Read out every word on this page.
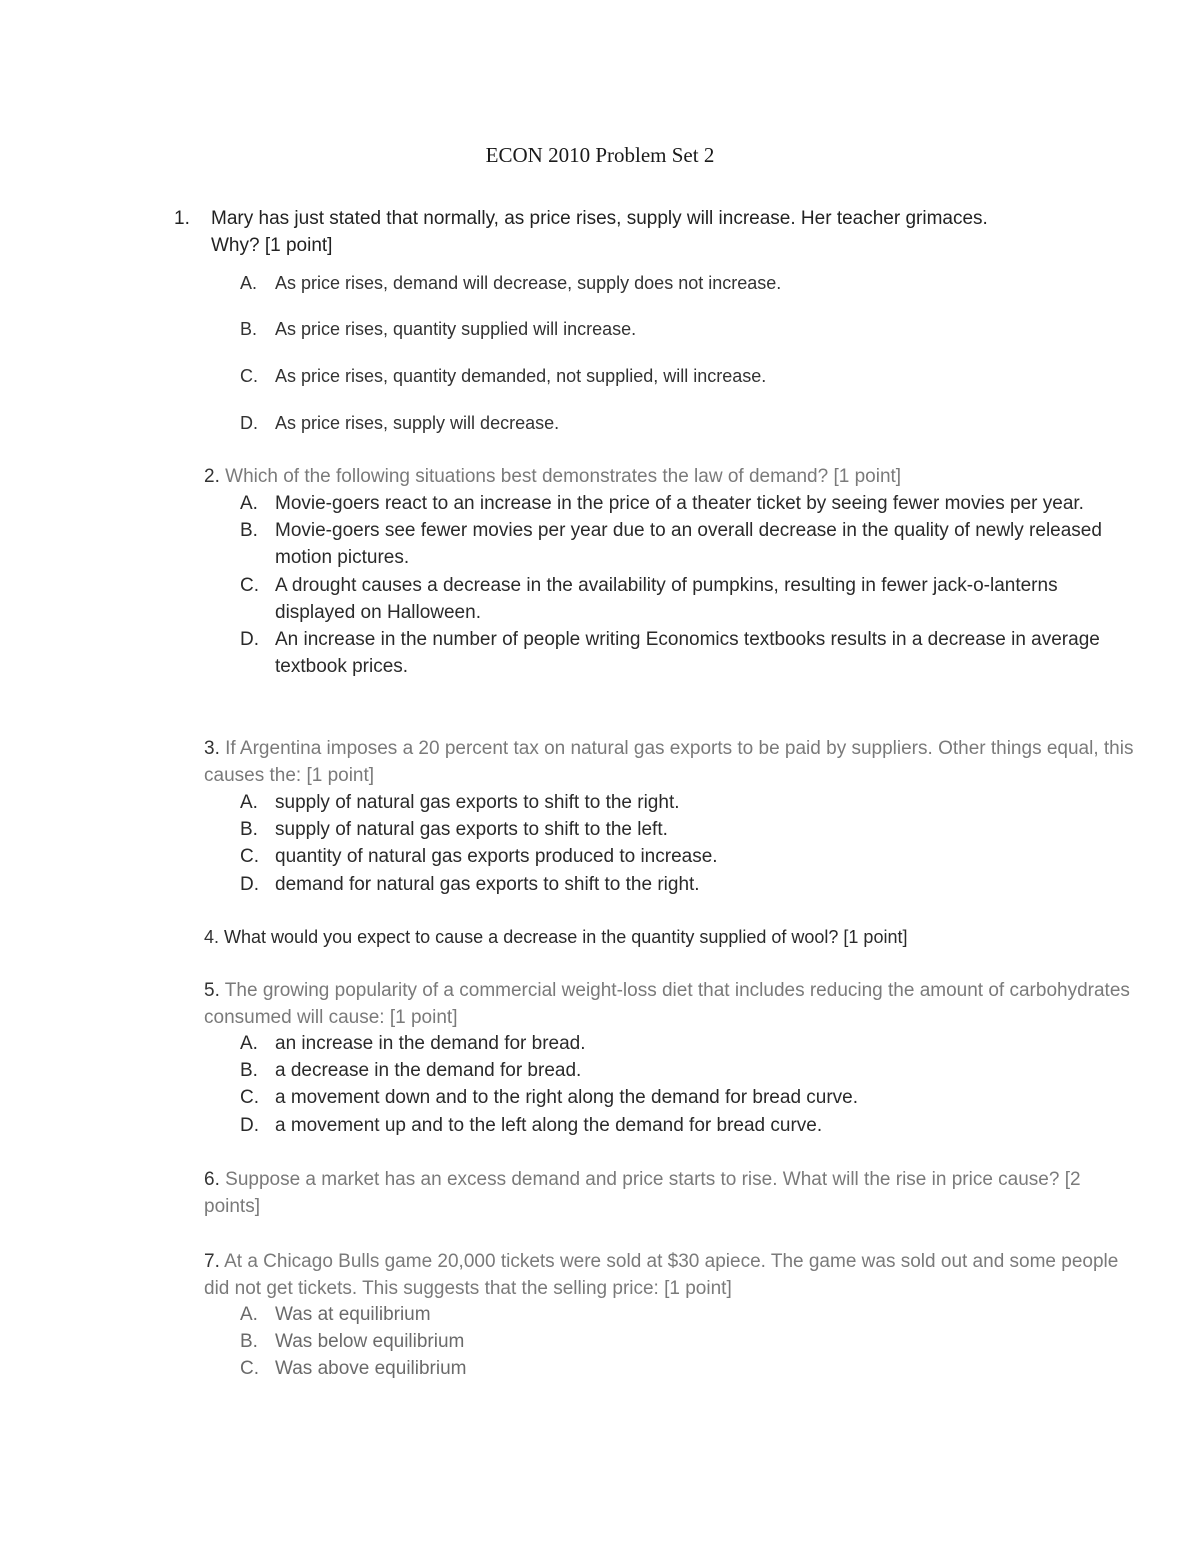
ECON 2010 Problem Set 2
1. Mary has just stated that normally, as price rises, supply will increase. Her teacher grimaces.
Why? [1 point]
A. As price rises, demand will decrease, supply does not increase.
B. As price rises, quantity supplied will increase.
C. As price rises, quantity demanded, not supplied, will increase.
D. As price rises, supply will decrease.
2. Which of the following situations best demonstrates the law of demand? [1 point]
A. Movie-goers react to an increase in the price of a theater ticket by seeing fewer movies per year.
B. Movie-goers see fewer movies per year due to an overall decrease in the quality of newly released motion pictures.
C. A drought causes a decrease in the availability of pumpkins, resulting in fewer jack-o-lanterns displayed on Halloween.
D. An increase in the number of people writing Economics textbooks results in a decrease in average textbook prices.
3. If Argentina imposes a 20 percent tax on natural gas exports to be paid by suppliers. Other things equal, this causes the: [1 point]
A. supply of natural gas exports to shift to the right.
B. supply of natural gas exports to shift to the left.
C. quantity of natural gas exports produced to increase.
D. demand for natural gas exports to shift to the right.
4. What would you expect to cause a decrease in the quantity supplied of wool? [1 point]
5. The growing popularity of a commercial weight-loss diet that includes reducing the amount of carbohydrates consumed will cause: [1 point]
A. an increase in the demand for bread.
B. a decrease in the demand for bread.
C. a movement down and to the right along the demand for bread curve.
D. a movement up and to the left along the demand for bread curve.
6. Suppose a market has an excess demand and price starts to rise. What will the rise in price cause? [2 points]
7. At a Chicago Bulls game 20,000 tickets were sold at $30 apiece. The game was sold out and some people did not get tickets. This suggests that the selling price: [1 point]
A. Was at equilibrium
B. Was below equilibrium
C. Was above equilibrium
